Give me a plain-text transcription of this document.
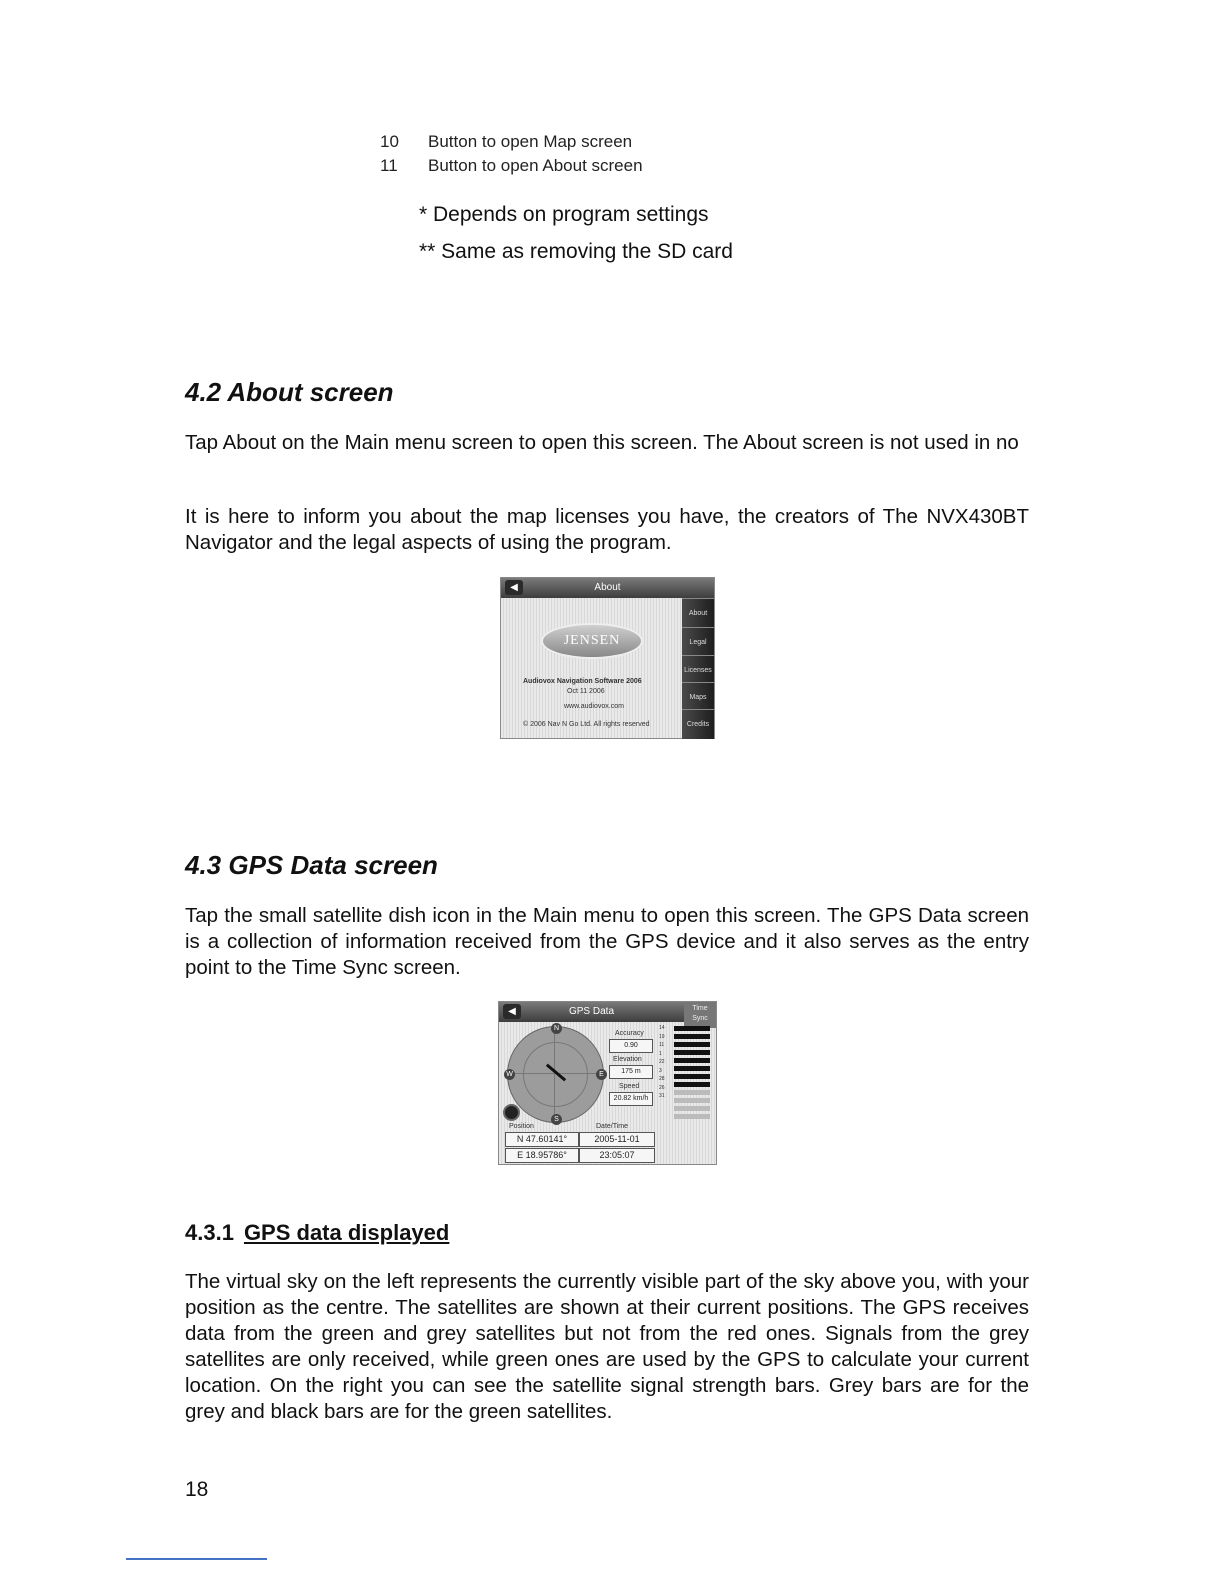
10 Button to open Map screen
11 Button to open About screen
* Depends on program settings
** Same as removing the SD card
4.2 About screen
Tap About on the Main menu screen to open this screen. The About screen is not used in no
It is here to inform you about the map licenses you have, the creators of The NVX430BT Navigator and the legal aspects of using the program.
◀	About
JENSEN
Audiovox Navigation Software 2006
Oct 11 2006
www.audiovox.com
© 2006 Nav N Go Ltd. All rights reserved
About
Legal
Licenses
Maps
Credits
4.3 GPS Data screen
Tap the small satellite dish icon in the Main menu to open this screen. The GPS Data screen is a collection of information received from the GPS device and it also serves as the entry point to the Time Sync screen.
◀	GPS Data	Time Sync
N
W	E
S
Accuracy
0.90
Elevation
175 m
Speed
20.82 km/h
14
19
11
1
22
3
28
26
31
Position	Date/Time
N 47.60141°	2005-11-01
E 18.95786°	23:05:07
4.3.1 GPS data displayed
The virtual sky on the left represents the currently visible part of the sky above you, with your position as the centre. The satellites are shown at their current positions. The GPS receives data from the green and grey satellites but not from the red ones. Signals from the grey satellites are only received, while green ones are used by the GPS to calculate your current location. On the right you can see the satellite signal strength bars. Grey bars are for the grey and black bars are for the green satellites.
18
